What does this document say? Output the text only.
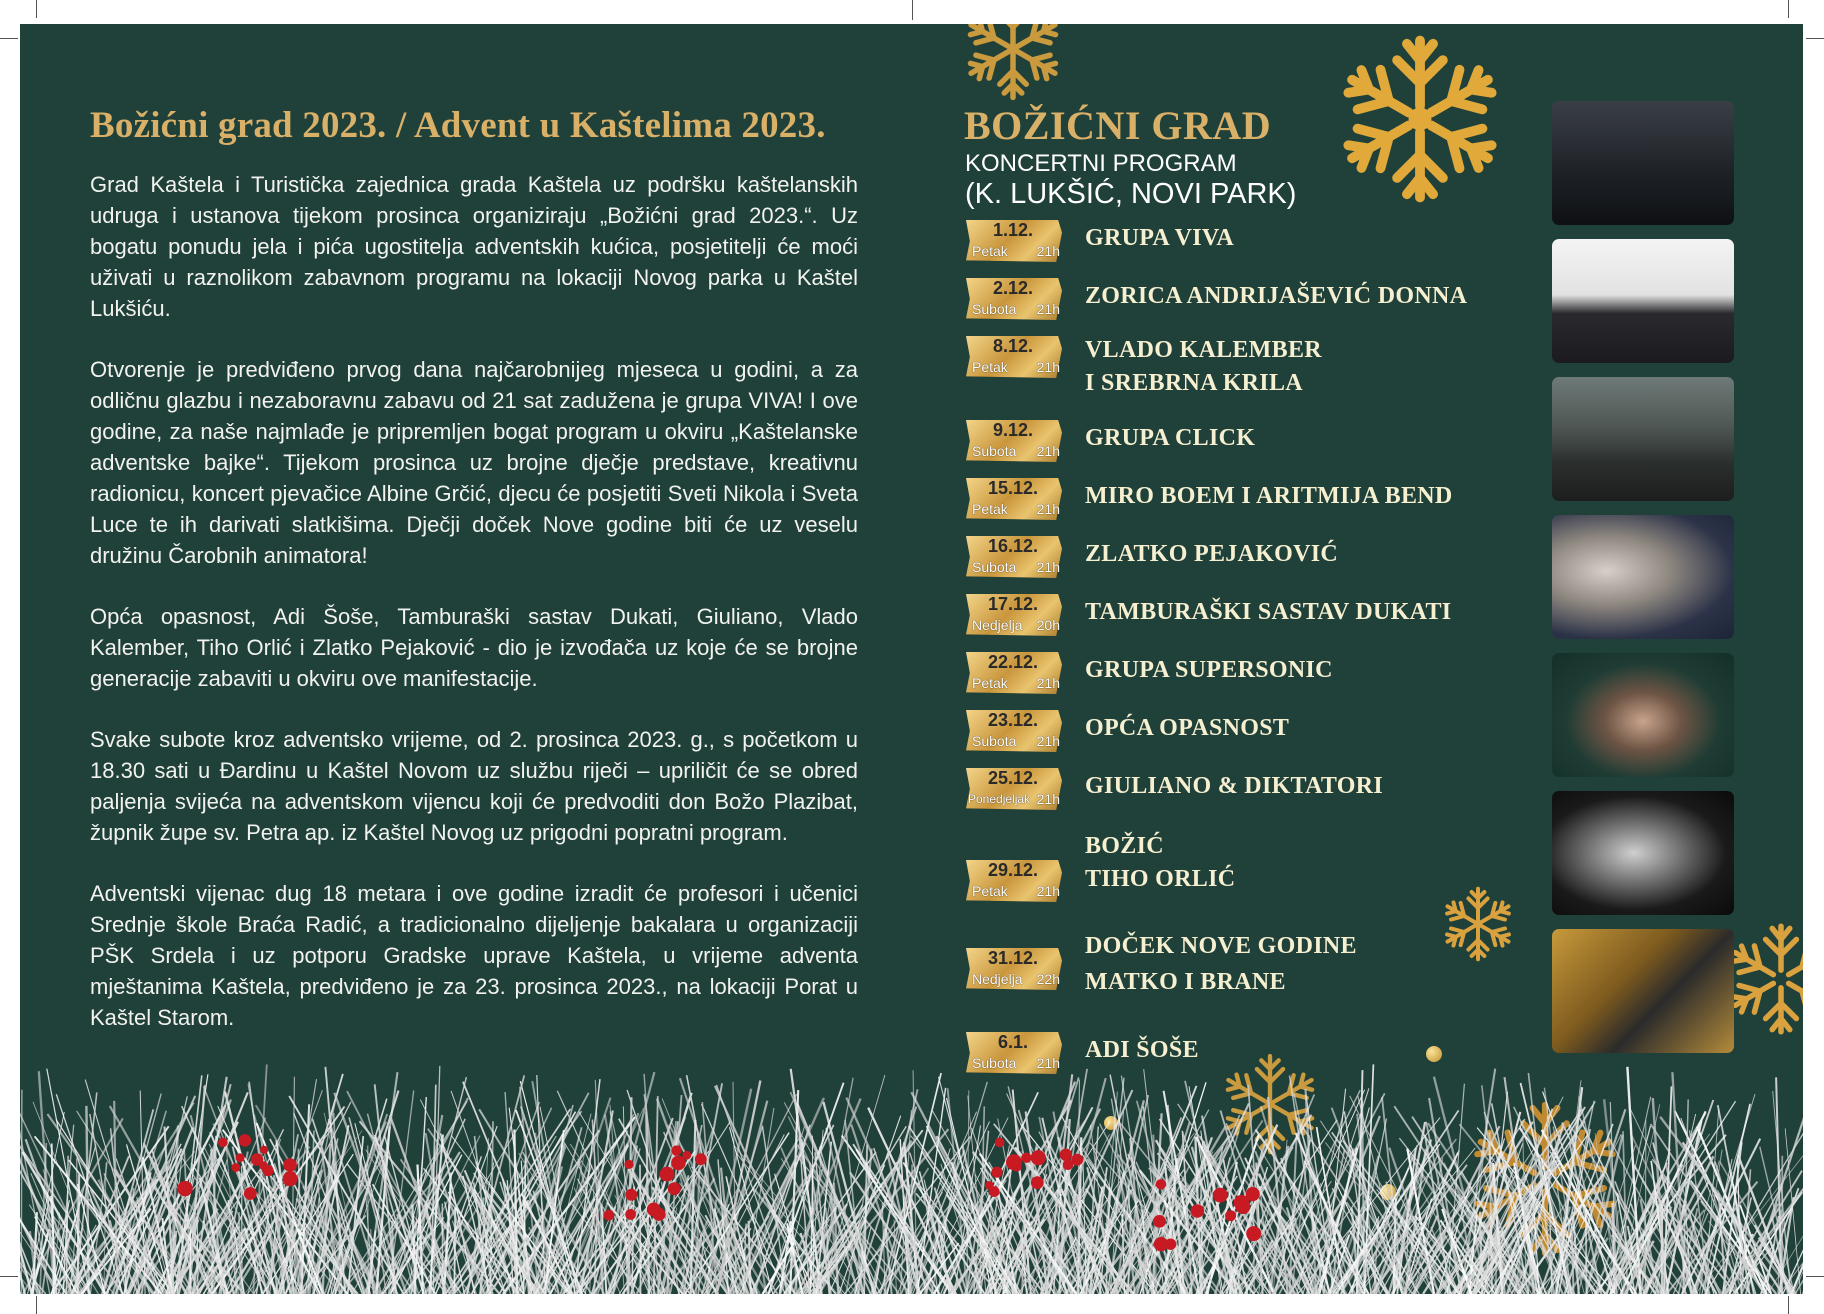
Božićni grad 2023. / Advent u Kaštelima 2023.

Grad Kaštela i Turistička zajednica grada Kaštela uz podršku kaštelanskih udruga i ustanova tijekom prosinca organiziraju „Božićni grad 2023.“. Uz bogatu ponudu jela i pića ugostitelja adventskih kućica, posjetitelji će moći uživati u raznolikom zabavnom programu na lokaciji Novog parka u Kaštel Lukšiću.

Otvorenje je predviđeno prvog dana najčarobnijeg mjeseca u godini, a za odličnu glazbu i nezaboravnu zabavu od 21 sat zadužena je grupa VIVA! I ove godine, za naše najmlađe je pripremljen bogat program u okviru „Kaštelanske adventske bajke“. Tijekom prosinca uz brojne dječje predstave, kreativnu radionicu, koncert pjevačice Albine Grčić, djecu će posjetiti Sveti Nikola i Sveta Luce te ih darivati slatkišima. Dječji doček Nove godine biti će uz veselu družinu Čarobnih animatora!

Opća opasnost, Adi Šoše, Tamburaški sastav Dukati, Giuliano, Vlado Kalember, Tiho Orlić i Zlatko Pejaković - dio je izvođača uz koje će se brojne generacije zabaviti u okviru ove manifestacije.

Svake subote kroz adventsko vrijeme, od 2. prosinca 2023. g., s početkom u 18.30 sati u Đardinu u Kaštel Novom uz službu riječi – upriličit će se obred paljenja svijeća na adventskom vijencu koji će predvoditi don Božo Plazibat, župnik župe sv. Petra ap. iz Kaštel Novog uz prigodni popratni program.

Adventski vijenac dug 18 metara i ove godine izradit će profesori i učenici Srednje škole Braća Radić, a tradicionalno dijeljenje bakalara u organizaciji PŠK Srdela i uz potporu Gradske uprave Kaštela, u vrijeme adventa mještanima Kaštela, predviđeno je za 23. prosinca 2023., na lokaciji Porat u Kaštel Starom.

BOŽIĆNI GRAD
KONCERTNI PROGRAM
(K. LUKŠIĆ, NOVI PARK)
1.12.
Petak 21h GRUPA VIVA
2.12.
Subota 21h ZORICA ANDRIJAŠEVIĆ DONNA
8.12.
Petak 21h
VLADO KALEMBER
I SREBRNA KRILA
9.12.
Subota 21h GRUPA CLICK
15.12.
Petak 21h MIRO BOEM I ARITMIJA BEND
16.12.
Subota 21h ZLATKO PEJAKOVIĆ
17.12.
Nedjelja 20h TAMBURAŠKI SASTAV DUKATI
22.12.
Petak 21h GRUPA SUPERSONIC
23.12.
Subota 21h OPĆA OPASNOST
25.12.
Ponedjeljak 21h GIULIANO & DIKTATORI
29.12.
Petak 21h
BOŽIĆ
TIHO ORLIĆ
31.12.
Nedjelja 22h
DOČEK NOVE GODINE
MATKO I BRANE
6.1.
Subota 21h ADI ŠOŠE
